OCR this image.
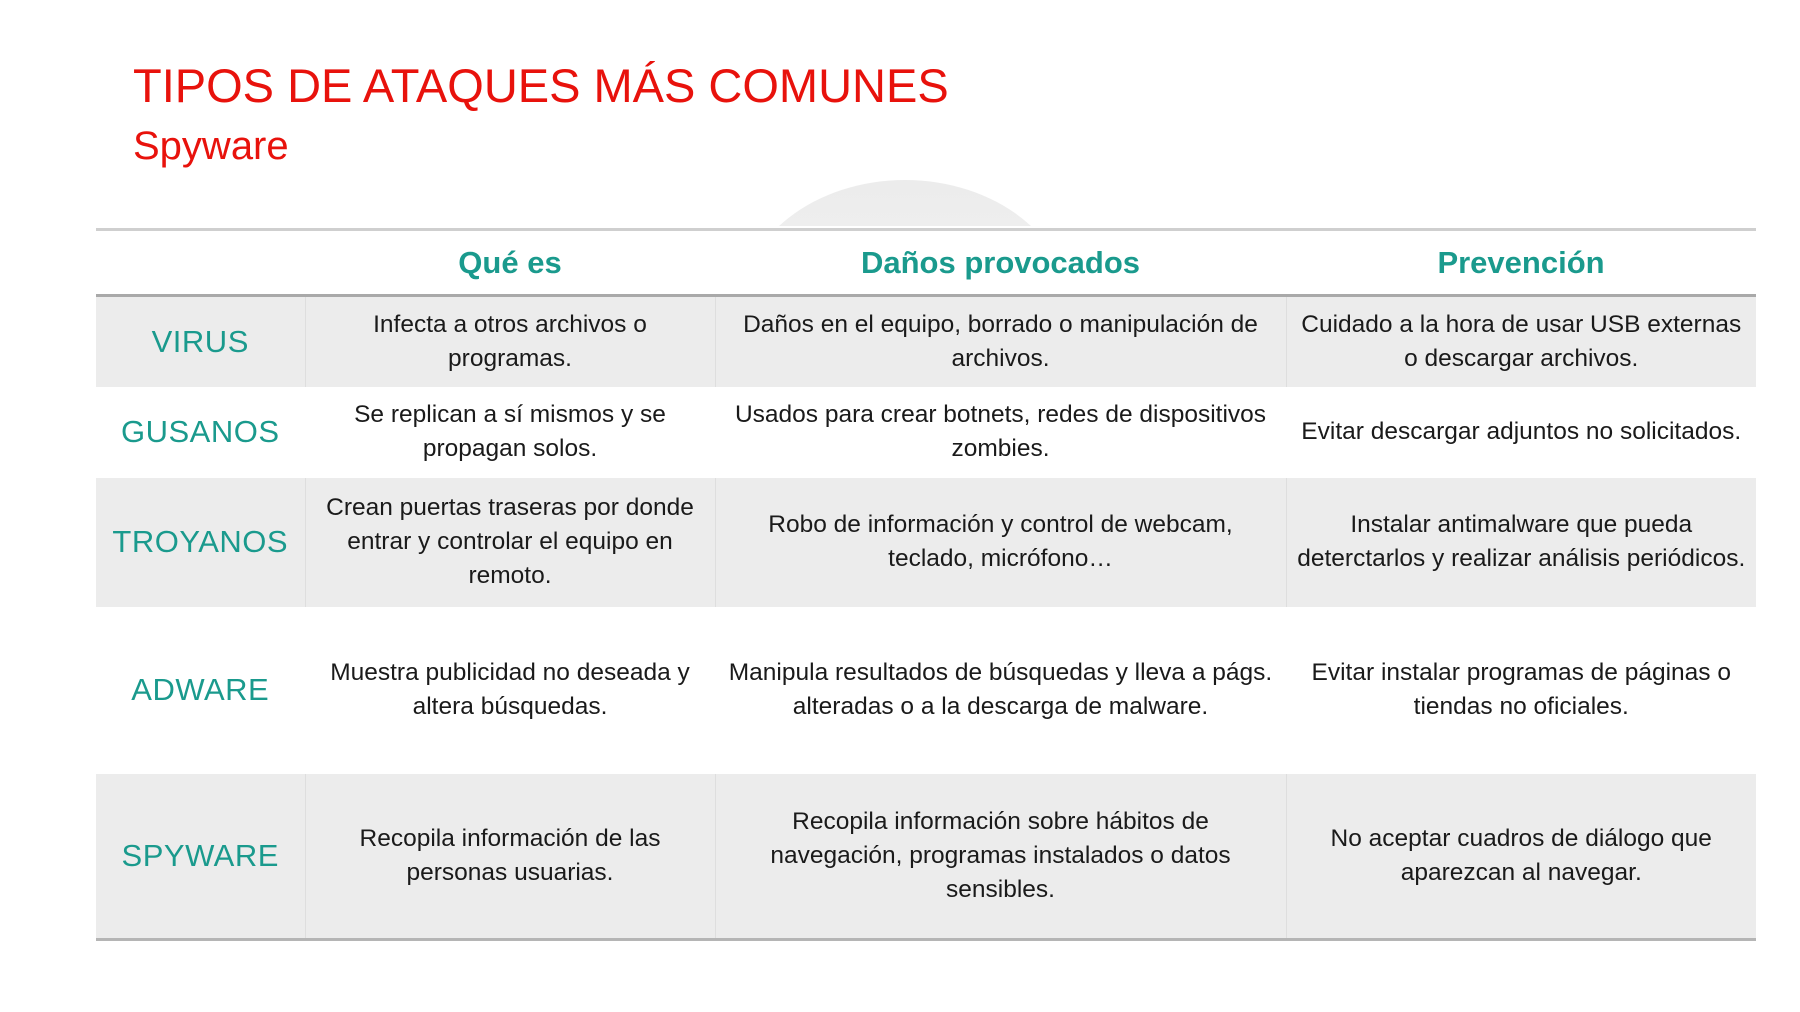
TIPOS DE ATAQUES MÁS COMUNES
Spyware
	Qué es	Daños provocados	Prevención
VIRUS	Infecta a otros archivos o programas.	Daños en el equipo, borrado o manipulación de archivos.	Cuidado a la hora de usar USB externas o descargar archivos.
GUSANOS	Se replican a sí mismos y se propagan solos.	Usados para crear botnets, redes de dispositivos zombies.	Evitar descargar adjuntos no solicitados.
TROYANOS	Crean puertas traseras por donde entrar y controlar el equipo en remoto.	Robo de información y control de webcam, teclado, micrófono…	Instalar antimalware que pueda deterctarlos y realizar análisis periódicos.
ADWARE	Muestra publicidad no deseada y altera búsquedas.	Manipula resultados de búsquedas y lleva a págs. alteradas o a la descarga de malware.	Evitar instalar programas de páginas o tiendas no oficiales.
SPYWARE	Recopila información de las personas usuarias.	Recopila información sobre hábitos de navegación, programas instalados o datos sensibles.	No aceptar cuadros de diálogo que aparezcan al navegar.
